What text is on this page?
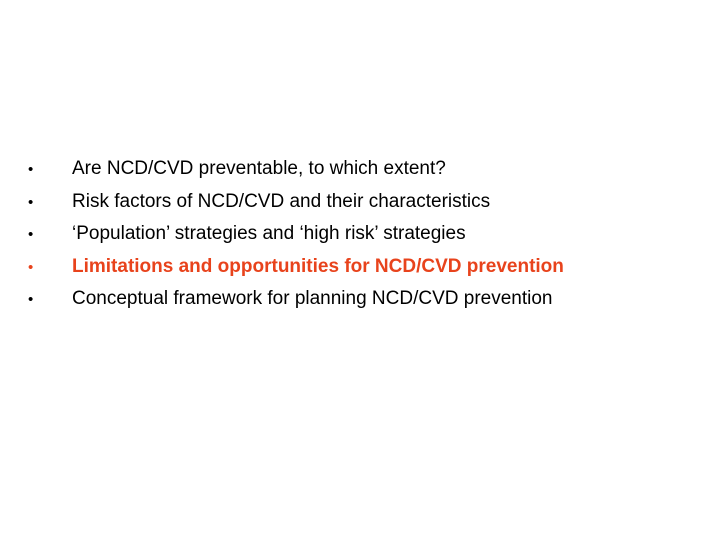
•	Are NCD/CVD preventable, to which extent?
•	Risk factors of NCD/CVD and their characteristics
•	‘Population’ strategies and ‘high risk’ strategies
•	Limitations and opportunities for NCD/CVD prevention
•	Conceptual framework for planning NCD/CVD prevention
